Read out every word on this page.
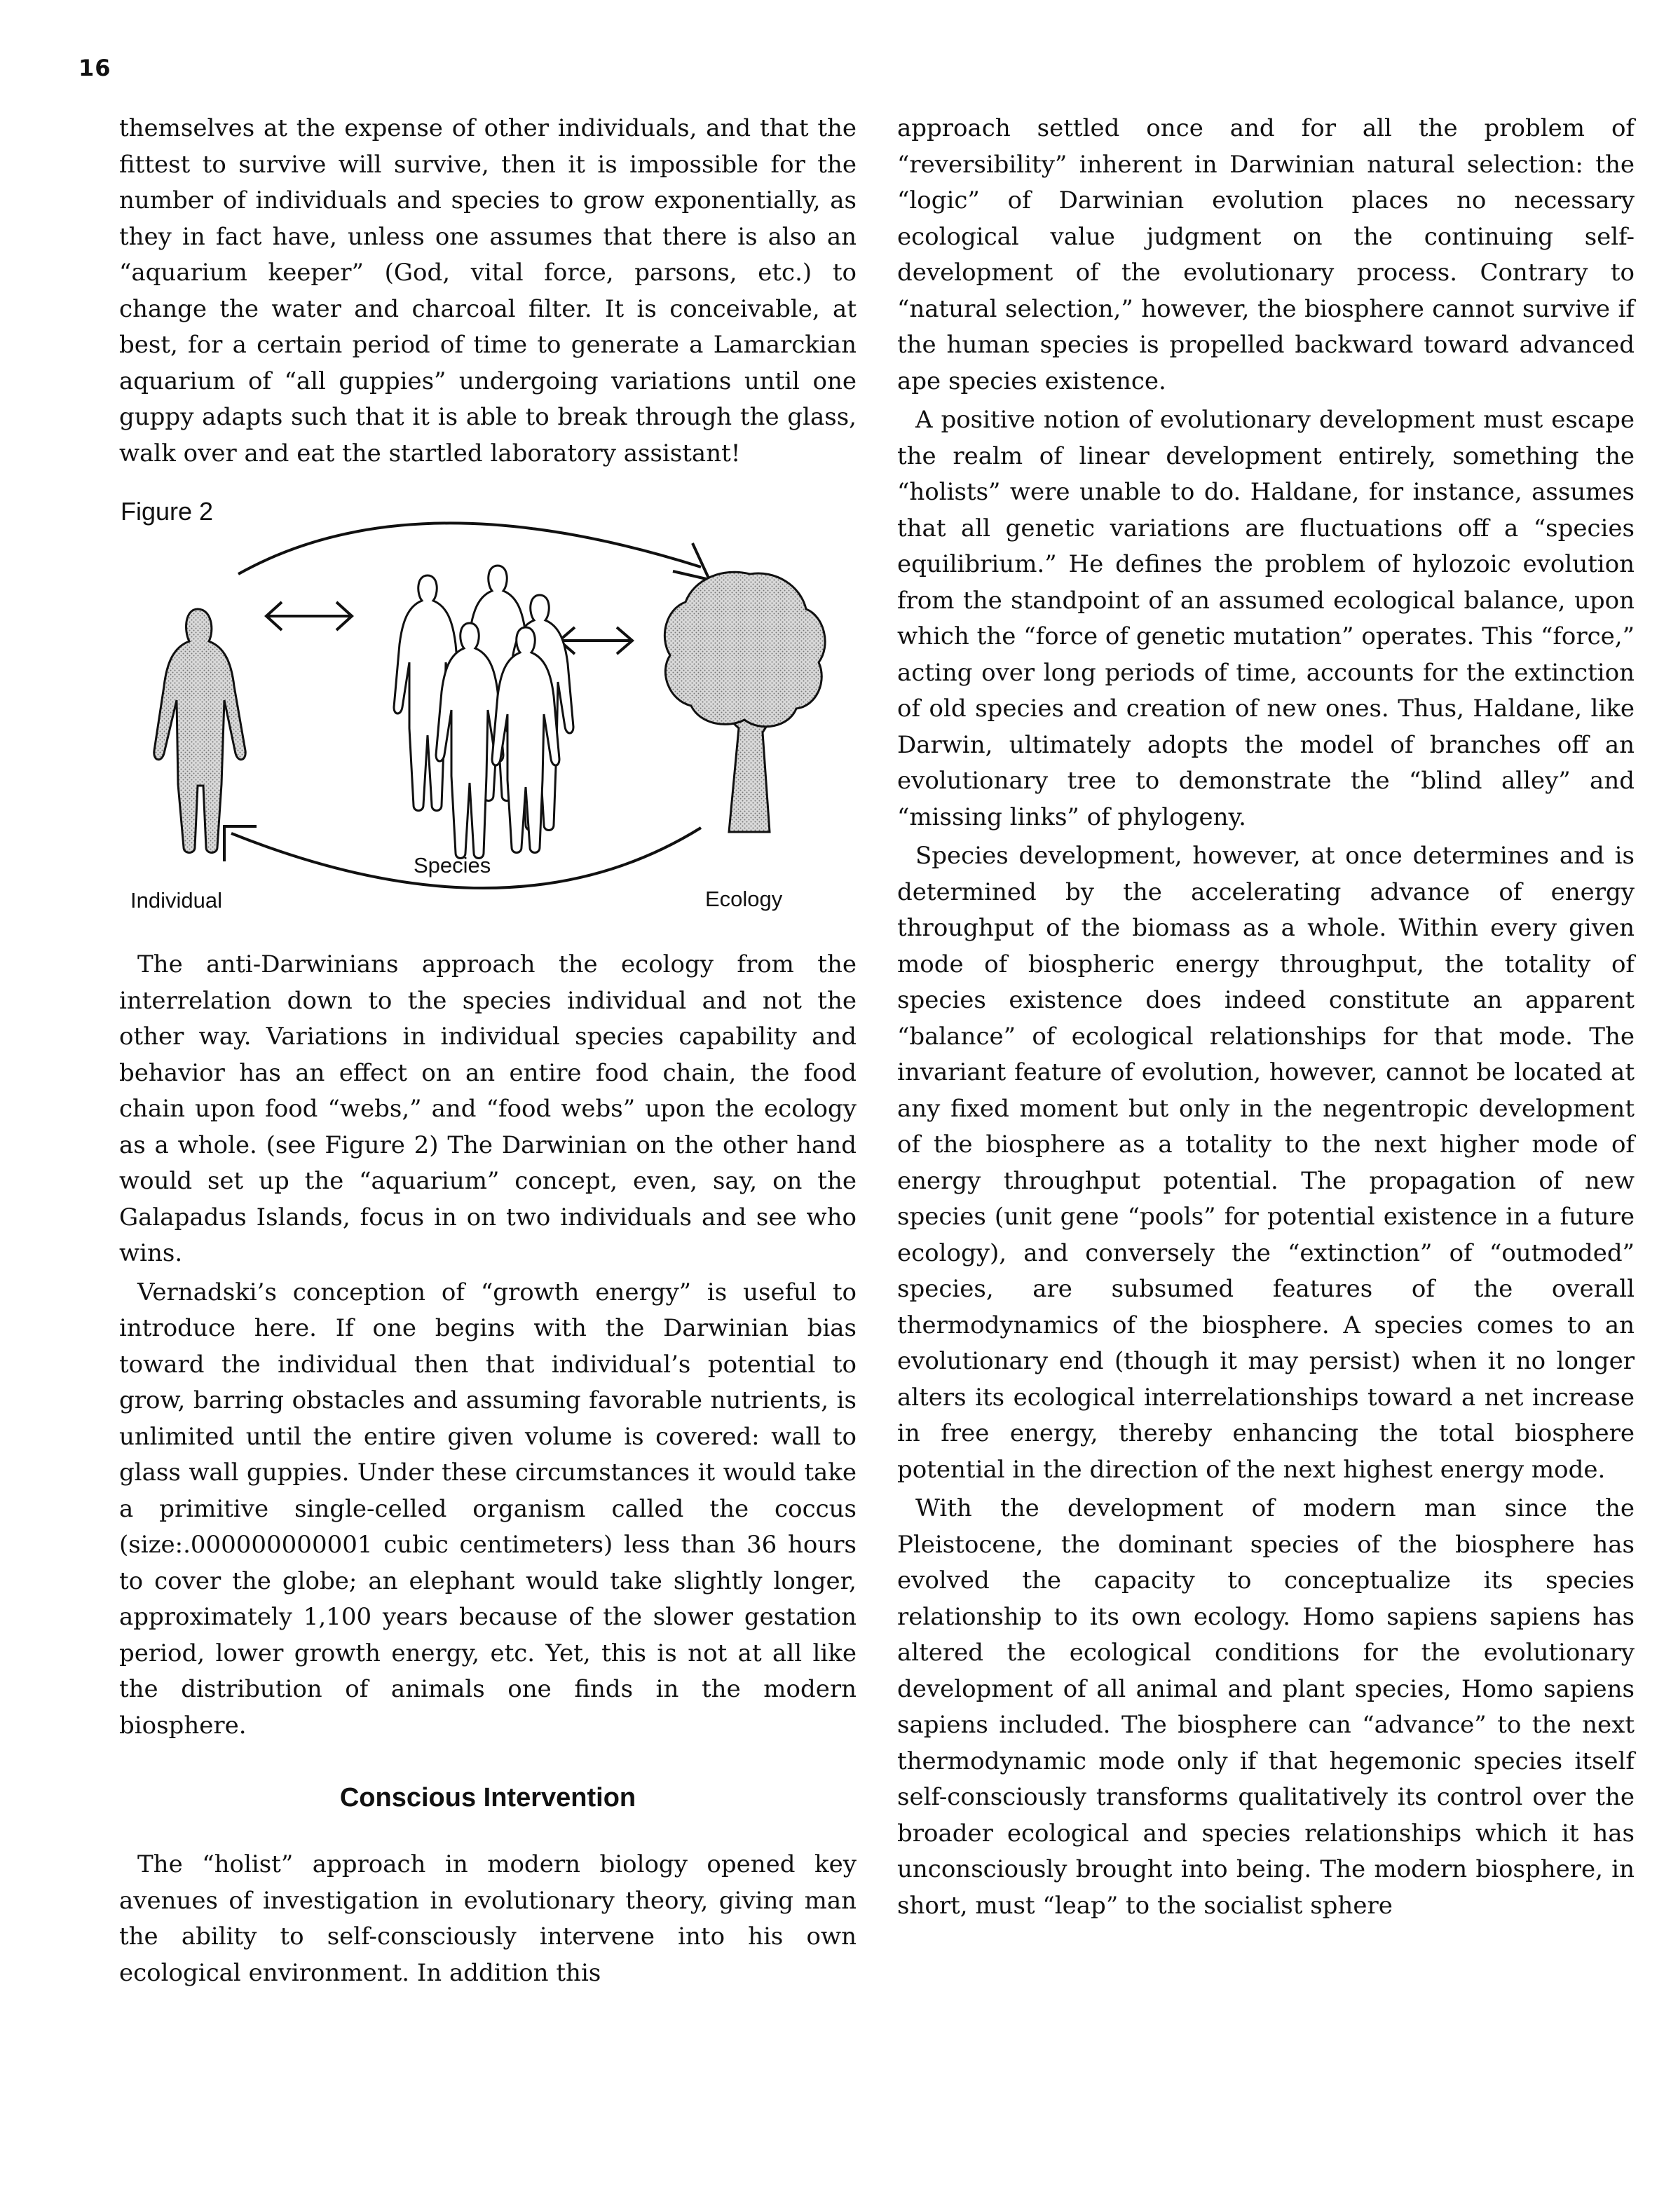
16

themselves at the expense of other individuals, and that the fittest to survive will survive, then it is impossible for the number of individuals and species to grow exponentially, as they in fact have, unless one assumes that there is also an “aquarium keeper” (God, vital force, parsons, etc.) to change the water and charcoal filter. It is conceivable, at best, for a certain period of time to generate a Lamarckian aquarium of “all guppies” undergoing variations until one guppy adapts such that it is able to break through the glass, walk over and eat the startled laboratory assistant!

Figure 2
Individual
Species
Ecology

The anti-Darwinians approach the ecology from the interrelation down to the species individual and not the other way. Variations in individual species capability and behavior has an effect on an entire food chain, the food chain upon food “webs,” and “food webs” upon the ecology as a whole. (see Figure 2) The Darwinian on the other hand would set up the “aquarium” concept, even, say, on the Galapadus Islands, focus in on two individuals and see who wins.

Vernadski’s conception of “growth energy” is useful to introduce here. If one begins with the Darwinian bias toward the individual then that individual’s potential to grow, barring obstacles and assuming favorable nutrients, is unlimited until the entire given volume is covered: wall to glass wall guppies. Under these circumstances it would take a primitive single-celled organism called the coccus (size:.000000000001 cubic centimeters) less than 36 hours to cover the globe; an elephant would take slightly longer, approximately 1,100 years because of the slower gestation period, lower growth energy, etc. Yet, this is not at all like the distribution of animals one finds in the modern biosphere.

Conscious Intervention

The “holist” approach in modern biology opened key avenues of investigation in evolutionary theory, giving man the ability to self-consciously intervene into his own ecological environment. In addition this

approach settled once and for all the problem of “reversibility” inherent in Darwinian natural selection: the “logic” of Darwinian evolution places no necessary ecological value judgment on the continuing self-development of the evolutionary process. Contrary to “natural selection,” however, the biosphere cannot survive if the human species is propelled backward toward advanced ape species existence.

A positive notion of evolutionary development must escape the realm of linear development entirely, something the “holists” were unable to do. Haldane, for instance, assumes that all genetic variations are fluctuations off a “species equilibrium.” He defines the problem of hylozoic evolution from the standpoint of an assumed ecological balance, upon which the “force of genetic mutation” operates. This “force,” acting over long periods of time, accounts for the extinction of old species and creation of new ones. Thus, Haldane, like Darwin, ultimately adopts the model of branches off an evolutionary tree to demonstrate the “blind alley” and “missing links” of phylogeny.

Species development, however, at once determines and is determined by the accelerating advance of energy throughput of the biomass as a whole. Within every given mode of biospheric energy throughput, the totality of species existence does indeed constitute an apparent “balance” of ecological relationships for that mode. The invariant feature of evolution, however, cannot be located at any fixed moment but only in the negentropic development of the biosphere as a totality to the next higher mode of energy throughput potential. The propagation of new species (unit gene “pools” for potential existence in a future ecology), and conversely the “extinction” of “outmoded” species, are subsumed features of the overall thermodynamics of the biosphere. A species comes to an evolutionary end (though it may persist) when it no longer alters its ecological interrelationships toward a net increase in free energy, thereby enhancing the total biosphere potential in the direction of the next highest energy mode.

With the development of modern man since the Pleistocene, the dominant species of the biosphere has evolved the capacity to conceptualize its species relationship to its own ecology. Homo sapiens sapiens has altered the ecological conditions for the evolutionary development of all animal and plant species, Homo sapiens sapiens included. The biosphere can “advance” to the next thermodynamic mode only if that hegemonic species itself self-consciously transforms qualitatively its control over the broader ecological and species relationships which it has unconsciously brought into being. The modern biosphere, in short, must “leap” to the socialist sphere
